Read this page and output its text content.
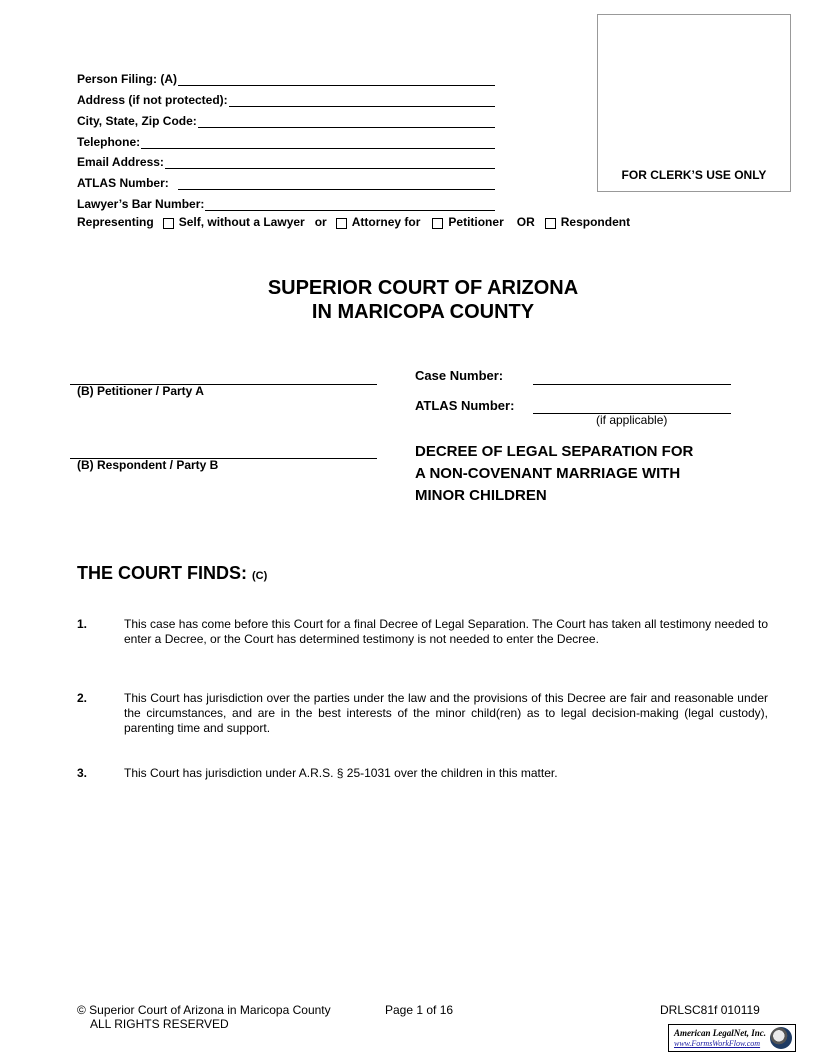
Person Filing: (A)
Address (if not protected):
City, State, Zip Code:
Telephone:
Email Address:
ATLAS Number:
Lawyer’s Bar Number:
Representing Self, without a Lawyer or Attorney for Petitioner OR Respondent
FOR CLERK’S USE ONLY
SUPERIOR COURT OF ARIZONA
IN MARICOPA COUNTY
(B) Petitioner / Party A
(B) Respondent / Party B
Case Number:
ATLAS Number:
(if applicable)
DECREE OF LEGAL SEPARATION FOR
A NON-COVENANT MARRIAGE WITH
MINOR CHILDREN
THE COURT FINDS: (C)
1.	This case has come before this Court for a final Decree of Legal Separation. The Court has taken all testimony needed to enter a Decree, or the Court has determined testimony is not needed to enter the Decree.
2.	This Court has jurisdiction over the parties under the law and the provisions of this Decree are fair and reasonable under the circumstances, and are in the best interests of the minor child(ren) as to legal decision-making (legal custody), parenting time and support.
3.	This Court has jurisdiction under A.R.S. § 25-1031 over the children in this matter.
© Superior Court of Arizona in Maricopa County
ALL RIGHTS RESERVED
Page 1 of 16	DRLSC81f 010119
American LegalNet, Inc.
www.FormsWorkFlow.com
